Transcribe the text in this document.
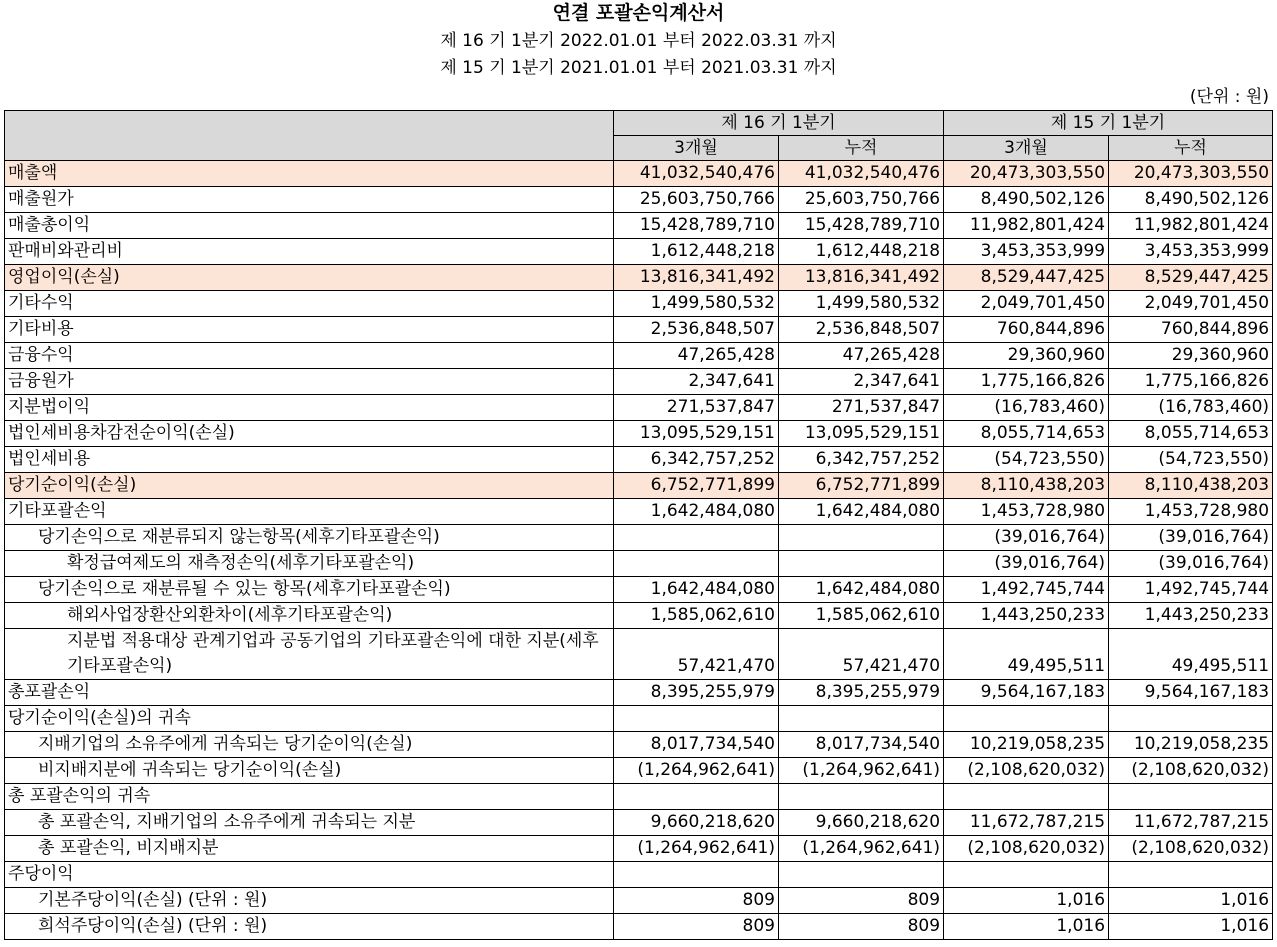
연결 포괄손익계산서
제 16 기 1분기 2022.01.01 부터 2022.03.31 까지
제 15 기 1분기 2021.01.01 부터 2021.03.31 까지
(단위 : 원)
	제 16 기 1분기		제 15 기 1분기	
	3개월	누적	3개월	누적
매출액	41,032,540,476	41,032,540,476	20,473,303,550	20,473,303,550
매출원가	25,603,750,766	25,603,750,766	8,490,502,126	8,490,502,126
매출총이익	15,428,789,710	15,428,789,710	11,982,801,424	11,982,801,424
판매비와관리비	1,612,448,218	1,612,448,218	3,453,353,999	3,453,353,999
영업이익(손실)	13,816,341,492	13,816,341,492	8,529,447,425	8,529,447,425
기타수익	1,499,580,532	1,499,580,532	2,049,701,450	2,049,701,450
기타비용	2,536,848,507	2,536,848,507	760,844,896	760,844,896
금융수익	47,265,428	47,265,428	29,360,960	29,360,960
금융원가	2,347,641	2,347,641	1,775,166,826	1,775,166,826
지분법이익	271,537,847	271,537,847	(16,783,460)	(16,783,460)
법인세비용차감전순이익(손실)	13,095,529,151	13,095,529,151	8,055,714,653	8,055,714,653
법인세비용	6,342,757,252	6,342,757,252	(54,723,550)	(54,723,550)
당기순이익(손실)	6,752,771,899	6,752,771,899	8,110,438,203	8,110,438,203
기타포괄손익	1,642,484,080	1,642,484,080	1,453,728,980	1,453,728,980
당기손익으로 재분류되지 않는항목(세후기타포괄손익)			(39,016,764)	(39,016,764)
확정급여제도의 재측정손익(세후기타포괄손익)			(39,016,764)	(39,016,764)
당기손익으로 재분류될 수 있는 항목(세후기타포괄손익)	1,642,484,080	1,642,484,080	1,492,745,744	1,492,745,744
해외사업장환산외환차이(세후기타포괄손익)	1,585,062,610	1,585,062,610	1,443,250,233	1,443,250,233

지분법 적용대상 관계기업과 공동기업의 기타포괄손익에 대한 지분(세후기타포괄손익)	57,421,470	57,421,470	49,495,511	49,495,511
총포괄손익	8,395,255,979	8,395,255,979	9,564,167,183	9,564,167,183
당기순이익(손실)의 귀속				
지배기업의 소유주에게 귀속되는 당기순이익(손실)	8,017,734,540	8,017,734,540	10,219,058,235	10,219,058,235
비지배지분에 귀속되는 당기순이익(손실)	(1,264,962,641)	(1,264,962,641)	(2,108,620,032)	(2,108,620,032)
총 포괄손익의 귀속				
총 포괄손익, 지배기업의 소유주에게 귀속되는 지분	9,660,218,620	9,660,218,620	11,672,787,215	11,672,787,215
총 포괄손익, 비지배지분	(1,264,962,641)	(1,264,962,641)	(2,108,620,032)	(2,108,620,032)
주당이익				
기본주당이익(손실) (단위 : 원)	809	809	1,016	1,016
희석주당이익(손실) (단위 : 원)	809	809	1,016	1,016
